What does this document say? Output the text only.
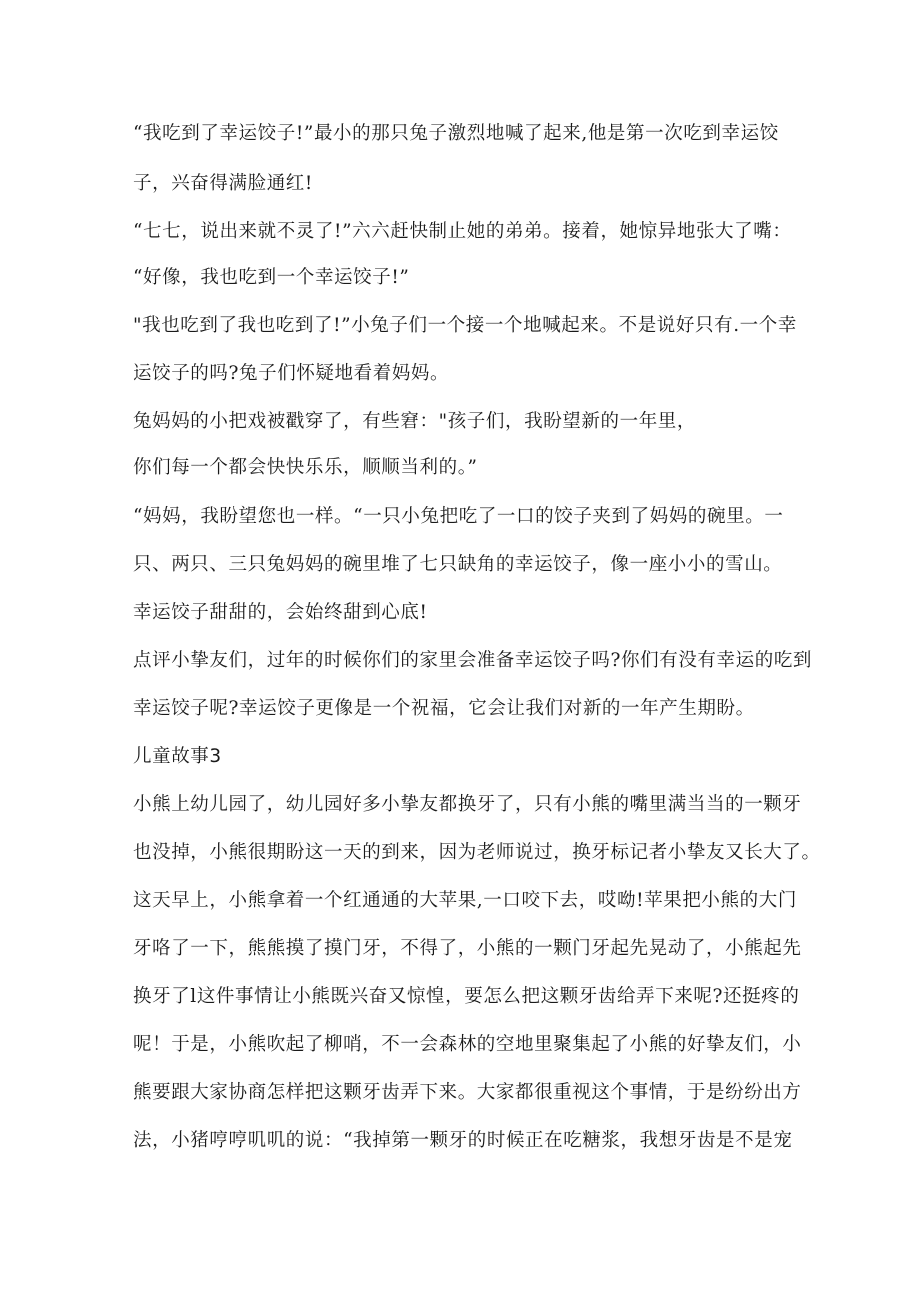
“我吃到了幸运饺子!”最小的那只兔子激烈地喊了起来,他是第一次吃到幸运饺
子，兴奋得满脸通红!
“七七，说出来就不灵了!”六六赶快制止她的弟弟。接着，她惊异地张大了嘴：
“好像，我也吃到一个幸运饺子!”
"我也吃到了我也吃到了!”小兔子们一个接一个地喊起来。不是说好只有.一个幸
运饺子的吗?兔子们怀疑地看着妈妈。
兔妈妈的小把戏被戳穿了，有些窘："孩子们，我盼望新的一年里，
你们每一个都会快快乐乐，顺顺当利的。”
“妈妈，我盼望您也一样。“一只小兔把吃了一口的饺子夹到了妈妈的碗里。一
只、两只、三只兔妈妈的碗里堆了七只缺角的幸运饺子，像一座小小的雪山。
幸运饺子甜甜的，会始终甜到心底!
点评小挚友们，过年的时候你们的家里会准备幸运饺子吗?你们有没有幸运的吃到
幸运饺子呢?幸运饺子更像是一个祝福，它会让我们对新的一年产生期盼。
儿童故事3
小熊上幼儿园了，幼儿园好多小挚友都换牙了，只有小熊的嘴里满当当的一颗牙
也没掉，小熊很期盼这一天的到来，因为老师说过，换牙标记者小挚友又长大了。
这天早上，小熊拿着一个红通通的大苹果,一口咬下去，哎呦!苹果把小熊的大门
牙咯了一下，熊熊摸了摸门牙，不得了，小熊的一颗门牙起先晃动了，小熊起先
换牙了l这件事情让小熊既兴奋又惊惶，要怎么把这颗牙齿给弄下来呢?还挺疼的
呢！于是，小熊吹起了柳哨，不一会森林的空地里聚集起了小熊的好挚友们，小
熊要跟大家协商怎样把这颗牙齿弄下来。大家都很重视这个事情，于是纷纷出方
法，小猪哼哼叽叽的说：“我掉第一颗牙的时候正在吃糖浆，我想牙齿是不是宠
